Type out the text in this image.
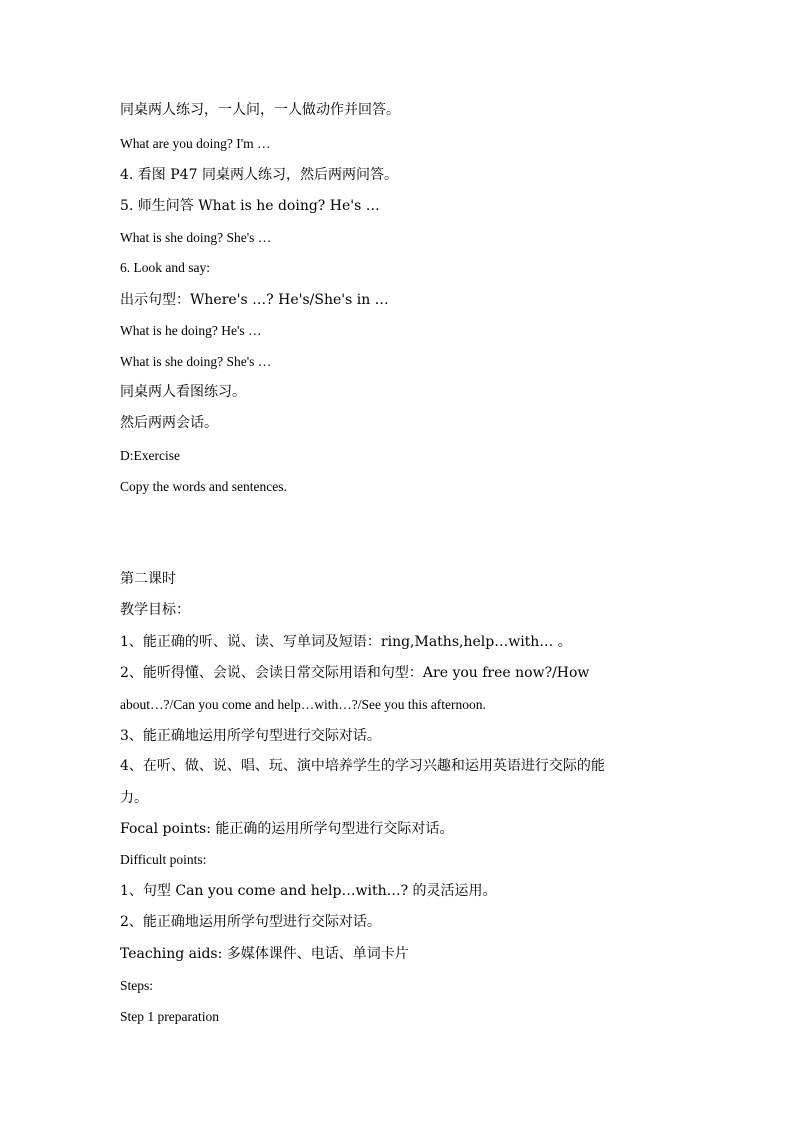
同桌两人练习，一人问，一人做动作并回答。
What are you doing? I'm …
4. 看图 P47 同桌两人练习，然后两两问答。
5. 师生问答 What is he doing? He's …
What is she doing? She's …
6. Look and say:
出示句型：Where's …? He's/She's in …
What is he doing? He's …
What is she doing? She's …
同桌两人看图练习。
然后两两会话。
D:Exercise
Copy the words and sentences.
第二课时
教学目标：
1、能正确的听、说、读、写单词及短语：ring,Maths,help…with… 。
2、能听得懂、会说、会读日常交际用语和句型：Are you free now?/How
about…?/Can you come and help…with…?/See you this afternoon.
3、能正确地运用所学句型进行交际对话。
4、在听、做、说、唱、玩、演中培养学生的学习兴趣和运用英语进行交际的能
力。
Focal points: 能正确的运用所学句型进行交际对话。
Difficult points:
1、句型 Can you come and help…with…? 的灵活运用。
2、能正确地运用所学句型进行交际对话。
Teaching aids: 多媒体课件、电话、单词卡片
Steps:
Step 1 preparation
